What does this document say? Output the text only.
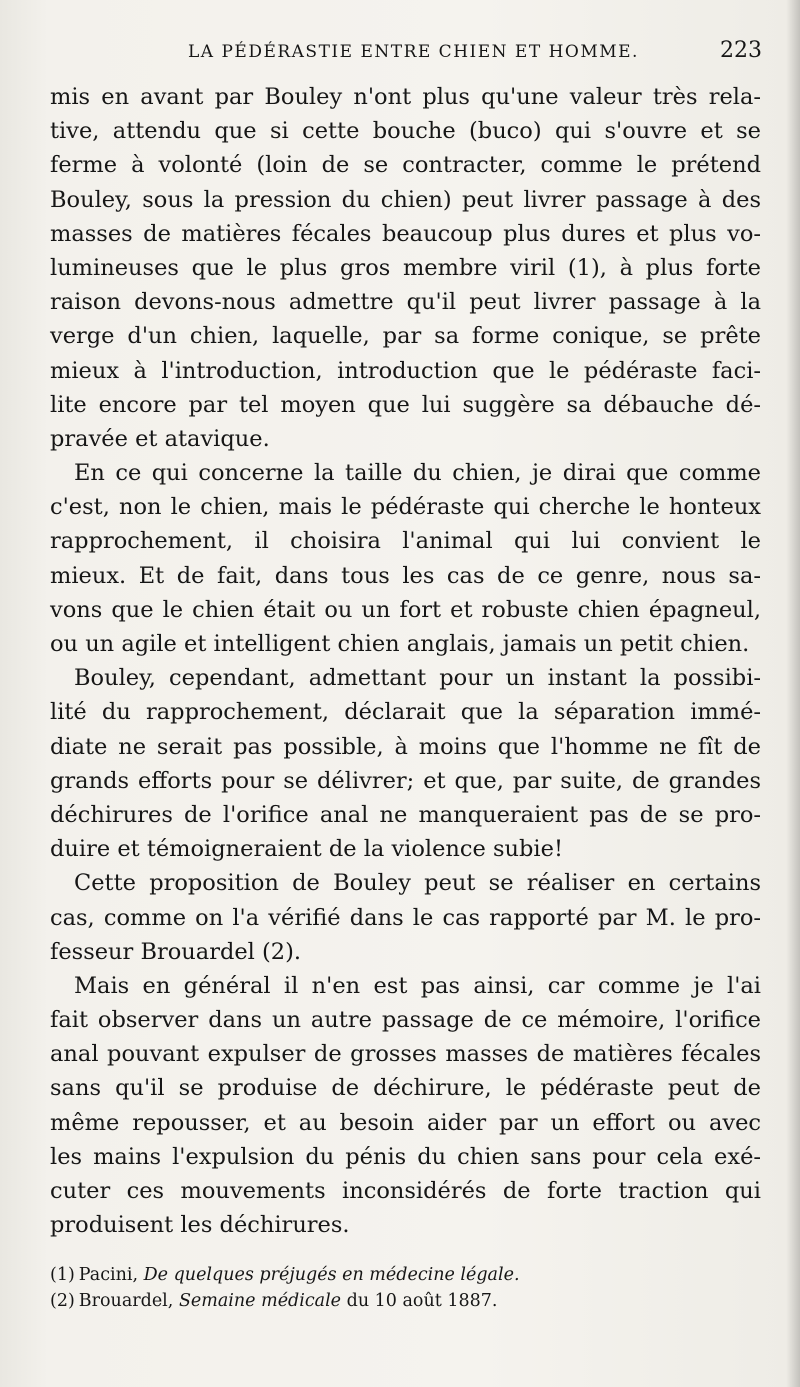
LA PÉDÉRASTIE ENTRE CHIEN ET HOMME.	223
mis en avant par Bouley n'ont plus qu'une valeur très rela-
tive, attendu que si cette bouche (buco) qui s'ouvre et se
ferme à volonté (loin de se contracter, comme le prétend
Bouley, sous la pression du chien) peut livrer passage à des
masses de matières fécales beaucoup plus dures et plus vo-
lumineuses que le plus gros membre viril (1), à plus forte
raison devons-nous admettre qu'il peut livrer passage à la
verge d'un chien, laquelle, par sa forme conique, se prête
mieux à l'introduction, introduction que le pédéraste faci-
lite encore par tel moyen que lui suggère sa débauche dé-
pravée et atavique.
En ce qui concerne la taille du chien, je dirai que comme
c'est, non le chien, mais le pédéraste qui cherche le honteux
rapprochement, il choisira l'animal qui lui convient le
mieux. Et de fait, dans tous les cas de ce genre, nous sa-
vons que le chien était ou un fort et robuste chien épagneul,
ou un agile et intelligent chien anglais, jamais un petit chien.
Bouley, cependant, admettant pour un instant la possibi-
lité du rapprochement, déclarait que la séparation immé-
diate ne serait pas possible, à moins que l'homme ne fît de
grands efforts pour se délivrer; et que, par suite, de grandes
déchirures de l'orifice anal ne manqueraient pas de se pro-
duire et témoigneraient de la violence subie!
Cette proposition de Bouley peut se réaliser en certains
cas, comme on l'a vérifié dans le cas rapporté par M. le pro-
fesseur Brouardel (2).
Mais en général il n'en est pas ainsi, car comme je l'ai
fait observer dans un autre passage de ce mémoire, l'orifice
anal pouvant expulser de grosses masses de matières fécales
sans qu'il se produise de déchirure, le pédéraste peut de
même repousser, et au besoin aider par un effort ou avec
les mains l'expulsion du pénis du chien sans pour cela exé-
cuter ces mouvements inconsidérés de forte traction qui
produisent les déchirures.
(1) Pacini, De quelques préjugés en médecine légale.
(2) Brouardel, Semaine médicale du 10 août 1887.
